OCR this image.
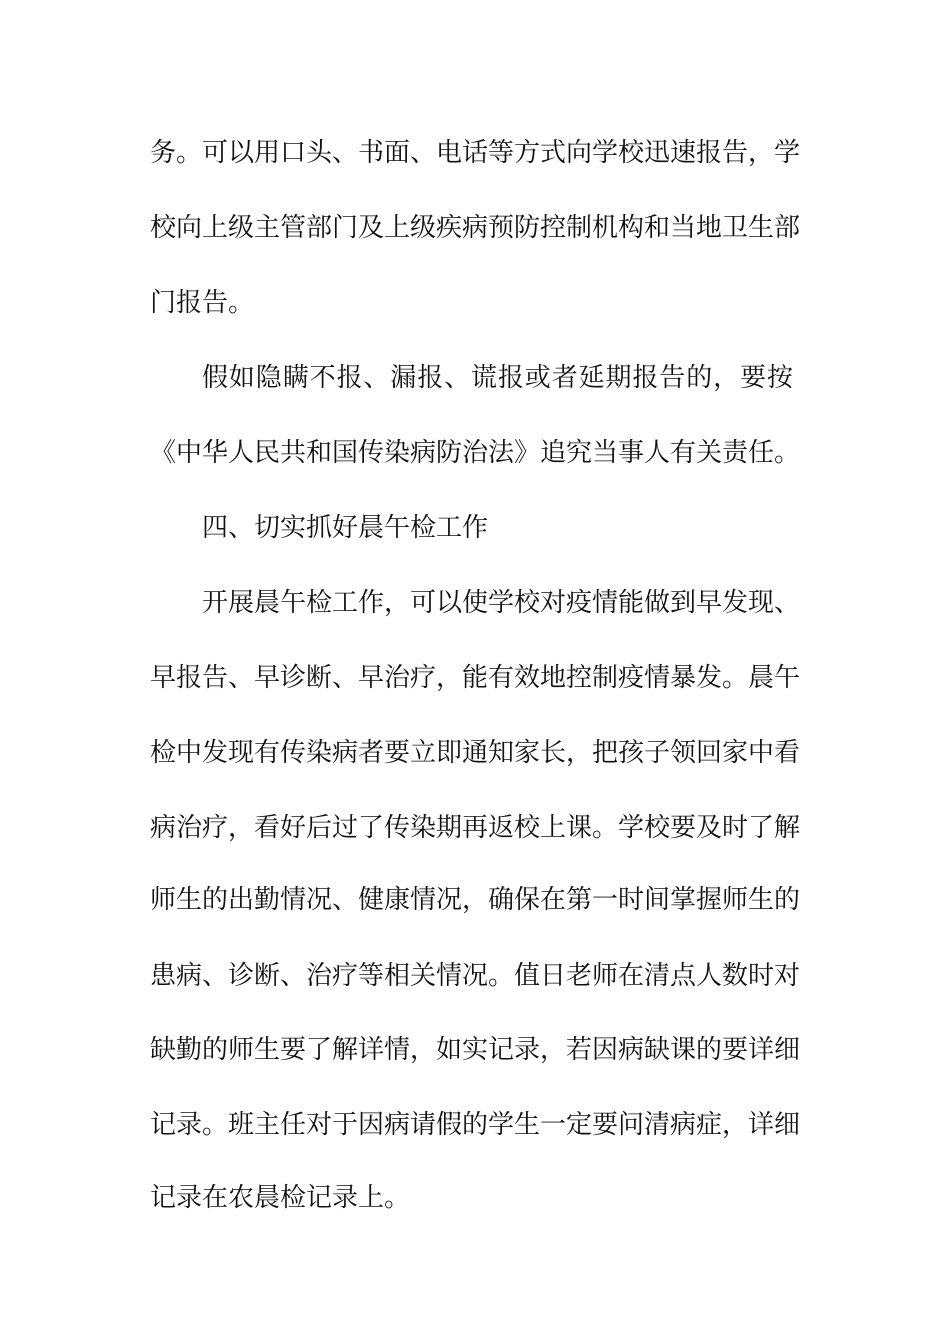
务。可以用口头、书面、电话等方式向学校迅速报告，学
校向上级主管部门及上级疾病预防控制机构和当地卫生部
门报告。
假如隐瞒不报、漏报、谎报或者延期报告的，要按
《中华人民共和国传染病防治法》追究当事人有关责任。
四、切实抓好晨午检工作
开展晨午检工作，可以使学校对疫情能做到早发现、
早报告、早诊断、早治疗，能有效地控制疫情暴发。晨午
检中发现有传染病者要立即通知家长，把孩子领回家中看
病治疗，看好后过了传染期再返校上课。学校要及时了解
师生的出勤情况、健康情况，确保在第一时间掌握师生的
患病、诊断、治疗等相关情况。值日老师在清点人数时对
缺勤的师生要了解详情，如实记录，若因病缺课的要详细
记录。班主任对于因病请假的学生一定要问清病症，详细
记录在农晨检记录上。
